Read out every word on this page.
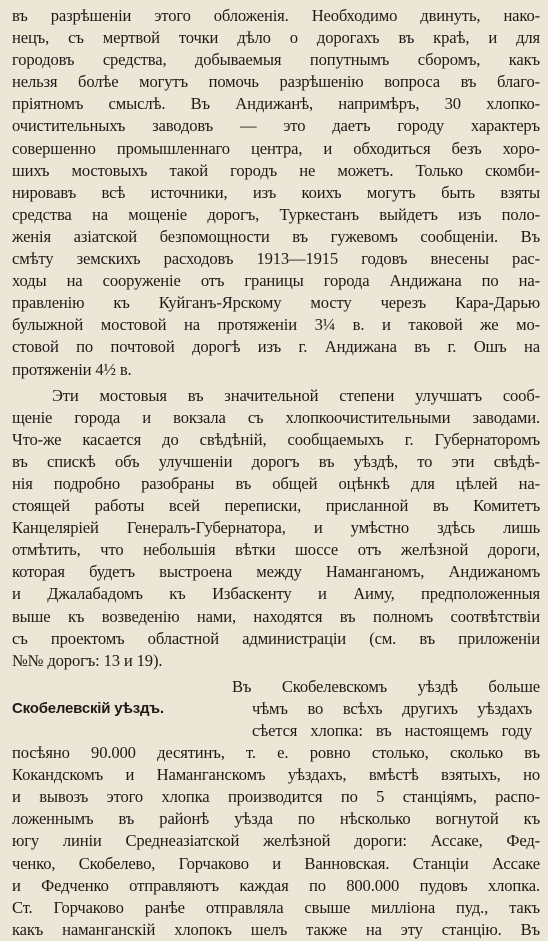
въ разрѣшеніи этого обложенія. Необходимо двинуть, нако-
нецъ, съ мертвой точки дѣло о дорогахъ въ краѣ, и для
городовъ средства, добываемыя попутнымъ сборомъ, какъ
нельзя болѣе могутъ помочь разрѣшенію вопроса въ благо-
пріятномъ смыслѣ. Въ Андижанѣ, напримѣръ, 30 хлопко-
очистительныхъ заводовъ — это даетъ городу характеръ
совершенно промышленнаго центра, и обходиться безъ хоро-
шихъ мостовыхъ такой городъ не можетъ. Только скомби-
нировавъ всѣ источники, изъ коихъ могутъ быть взяты
средства на мощеніе дорогъ, Туркестанъ выйдетъ изъ поло-
женія азіатской безпомощности въ гужевомъ сообщеніи. Въ
смѣту земскихъ расходовъ 1913—1915 годовъ внесены рас-
ходы на сооруженіе отъ границы города Андижана по на-
правленію къ Куйганъ-Ярскому мосту черезъ Кара-Дарью
булыжной мостовой на протяженіи 3¼ в. и таковой же мо-
стовой по почтовой дорогѣ изъ г. Андижана въ г. Ошъ на
протяженіи 4½ в.
Эти мостовыя въ значительной степени улучшатъ сооб-
щеніе города и вокзала съ хлопкоочистительными заводами.
Что-же касается до свѣдѣній, сообщаемыхъ г. Губернаторомъ
въ спискѣ объ улучшеніи дорогъ въ уѣздѣ, то эти свѣдѣ-
нія подробно разобраны въ общей оцѣнкѣ для цѣлей на-
стоящей работы всей переписки, присланной въ Комитетъ
Канцеляріей Генералъ-Губернатора, и умѣстно здѣсь лишь
отмѣтить, что небольшія вѣтки шоссе отъ желѣзной дороги,
которая будетъ выстроена между Наманганомъ, Андижаномъ
и Джалабадомъ къ Избаскенту и Аиму, предположенныя
выше къ возведенію нами, находятся въ полномъ соотвѣтствіи
съ проектомъ областной администраціи (см. въ приложеніи
№№ дорогъ: 13 и 19).
Въ Скобелевскомъ уѣздѣ больше
Скобелевскій уѣздъ.	чѣмъ во всѣхъ другихъ уѣздахъ
сѣется хлопка: въ настоящемъ году
посѣяно 90.000 десятинъ, т. е. ровно столько, сколько въ
Кокандскомъ и Наманганскомъ уѣздахъ, вмѣстѣ взятыхъ, но
и вывозъ этого хлопка производится по 5 станціямъ, распо-
ложеннымъ въ районѣ уѣзда по нѣсколько вогнутой къ
югу линіи Среднеазіатской желѣзной дороги: Ассаке, Фед-
ченко, Скобелево, Горчаково и Ванновская. Станціи Ассаке
и Федченко отправляютъ каждая по 800.000 пудовъ хлопка.
Ст. Горчаково ранѣе отправляла свыше милліона пуд., такъ
какъ наманганскій хлопокъ шелъ также на эту станцію. Въ
